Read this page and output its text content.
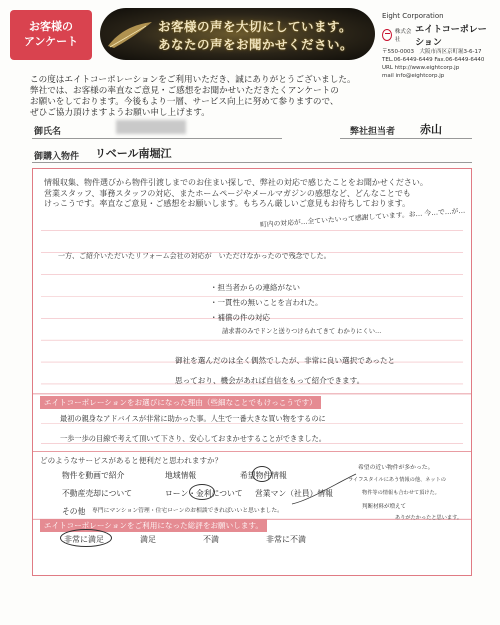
お客様の
アンケート
お客様の声を大切にしています。
あなたの声をお聞かせください。
Eight Corporation
株式会社
エイトコーポレーション
〒550-0003　大阪市西区京町堀3-6-17
TEL.06-6449-6449 Fax.06-6449-6440
URL http://www.eightcorp.jp
mail info@eightcorp.jp
この度はエイトコーポレーションをご利用いただき、誠にありがとうございました。
弊社では、お客様の率直なご意見・ご感想をお聞かせいただきたくアンケートの
お願いをしております。今後もより一層、サービス向上に努めて参りますので、
ぜひご協力頂けますようお願い申し上げます。
御氏名	弊社担当者 赤山
御購入物件 リベール南堀江
情報収集、物件選びから物件引渡しまでのお住まい探しで、弊社の対応で感じたことをお聞かせください。
営業スタッフ、事務スタッフの対応、またホームページやメールマガジンの感想など、どんなことでも
けっこうです。率直なご意見・ご感想をお願いします。もちろん厳しいご意見もお待ちしております。
町内の対応が…全ていたいって感謝しています。お… 今…で…が…
一方、ご紹介いただいたリフォーム会社の対応が　いただけなかったので残念でした。
・担当者からの連絡がない
・一貫性の無いことを言われた。
・補償の件の対応
請求書のみでドンと送りつけられてきて わかりにくい…
御社を選んだのは全く偶然でしたが、非常に良い選択であったと
思っており、機会があれば自信をもって紹介できます。
エイトコーポレーションをお選びになった理由（些細なことでもけっこうです）
最初の親身なアドバイスが非常に助かった事。人生で一番大きな買い物をするのに
一歩一歩の目線で考えて頂いて下さり、安心しておまかせすることができました。
どのようなサービスがあると便利だと思われますか？
物件を動画で紹介	地域情報	希望物件情報
不動産売却について	ローン・金利について 営業マン（社員）情報
その他 専門にマンション管理・住宅ローンのお相談できればいいと思いました。
希望の近い物件が多かった。
ライフスタイルにあう情報の他、ネットの
物件等の情報も合わせて頂けた。
判断材料が増えて
ありがたかったと思います。
エイトコーポレーションをご利用になった総評をお願いします。
非常に満足	満足	不満	非常に不満
